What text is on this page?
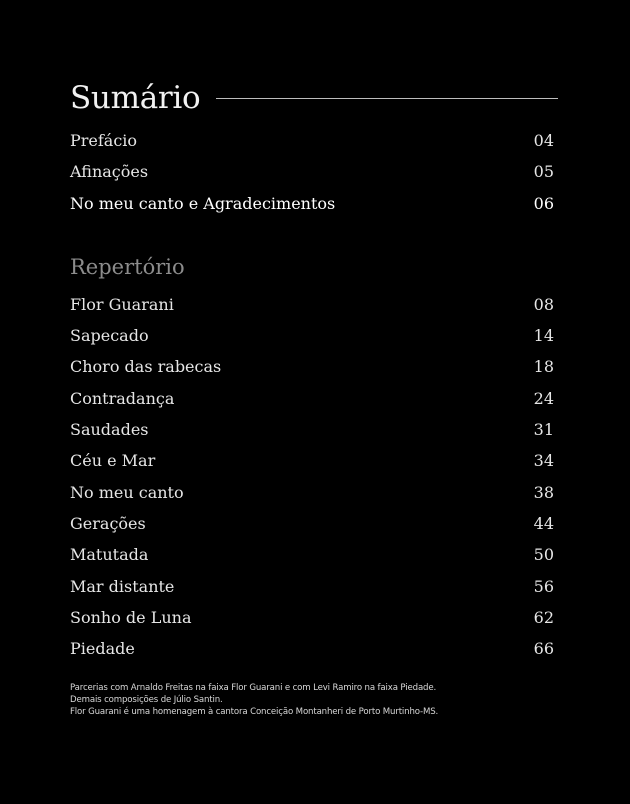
Sumário
Prefácio	04
Afinações	05
No meu canto e Agradecimentos	06
Repertório
Flor Guarani	08
Sapecado	14
Choro das rabecas	18
Contradança	24
Saudades	31
Céu e Mar	34
No meu canto	38
Gerações	44
Matutada	50
Mar distante	56
Sonho de Luna	62
Piedade	66
Parcerias com Arnaldo Freitas na faixa Flor Guarani e com Levi Ramiro na faixa Piedade.
Demais composições de Júlio Santin.
Flor Guarani é uma homenagem à cantora Conceição Montanheri de Porto Murtinho-MS.
